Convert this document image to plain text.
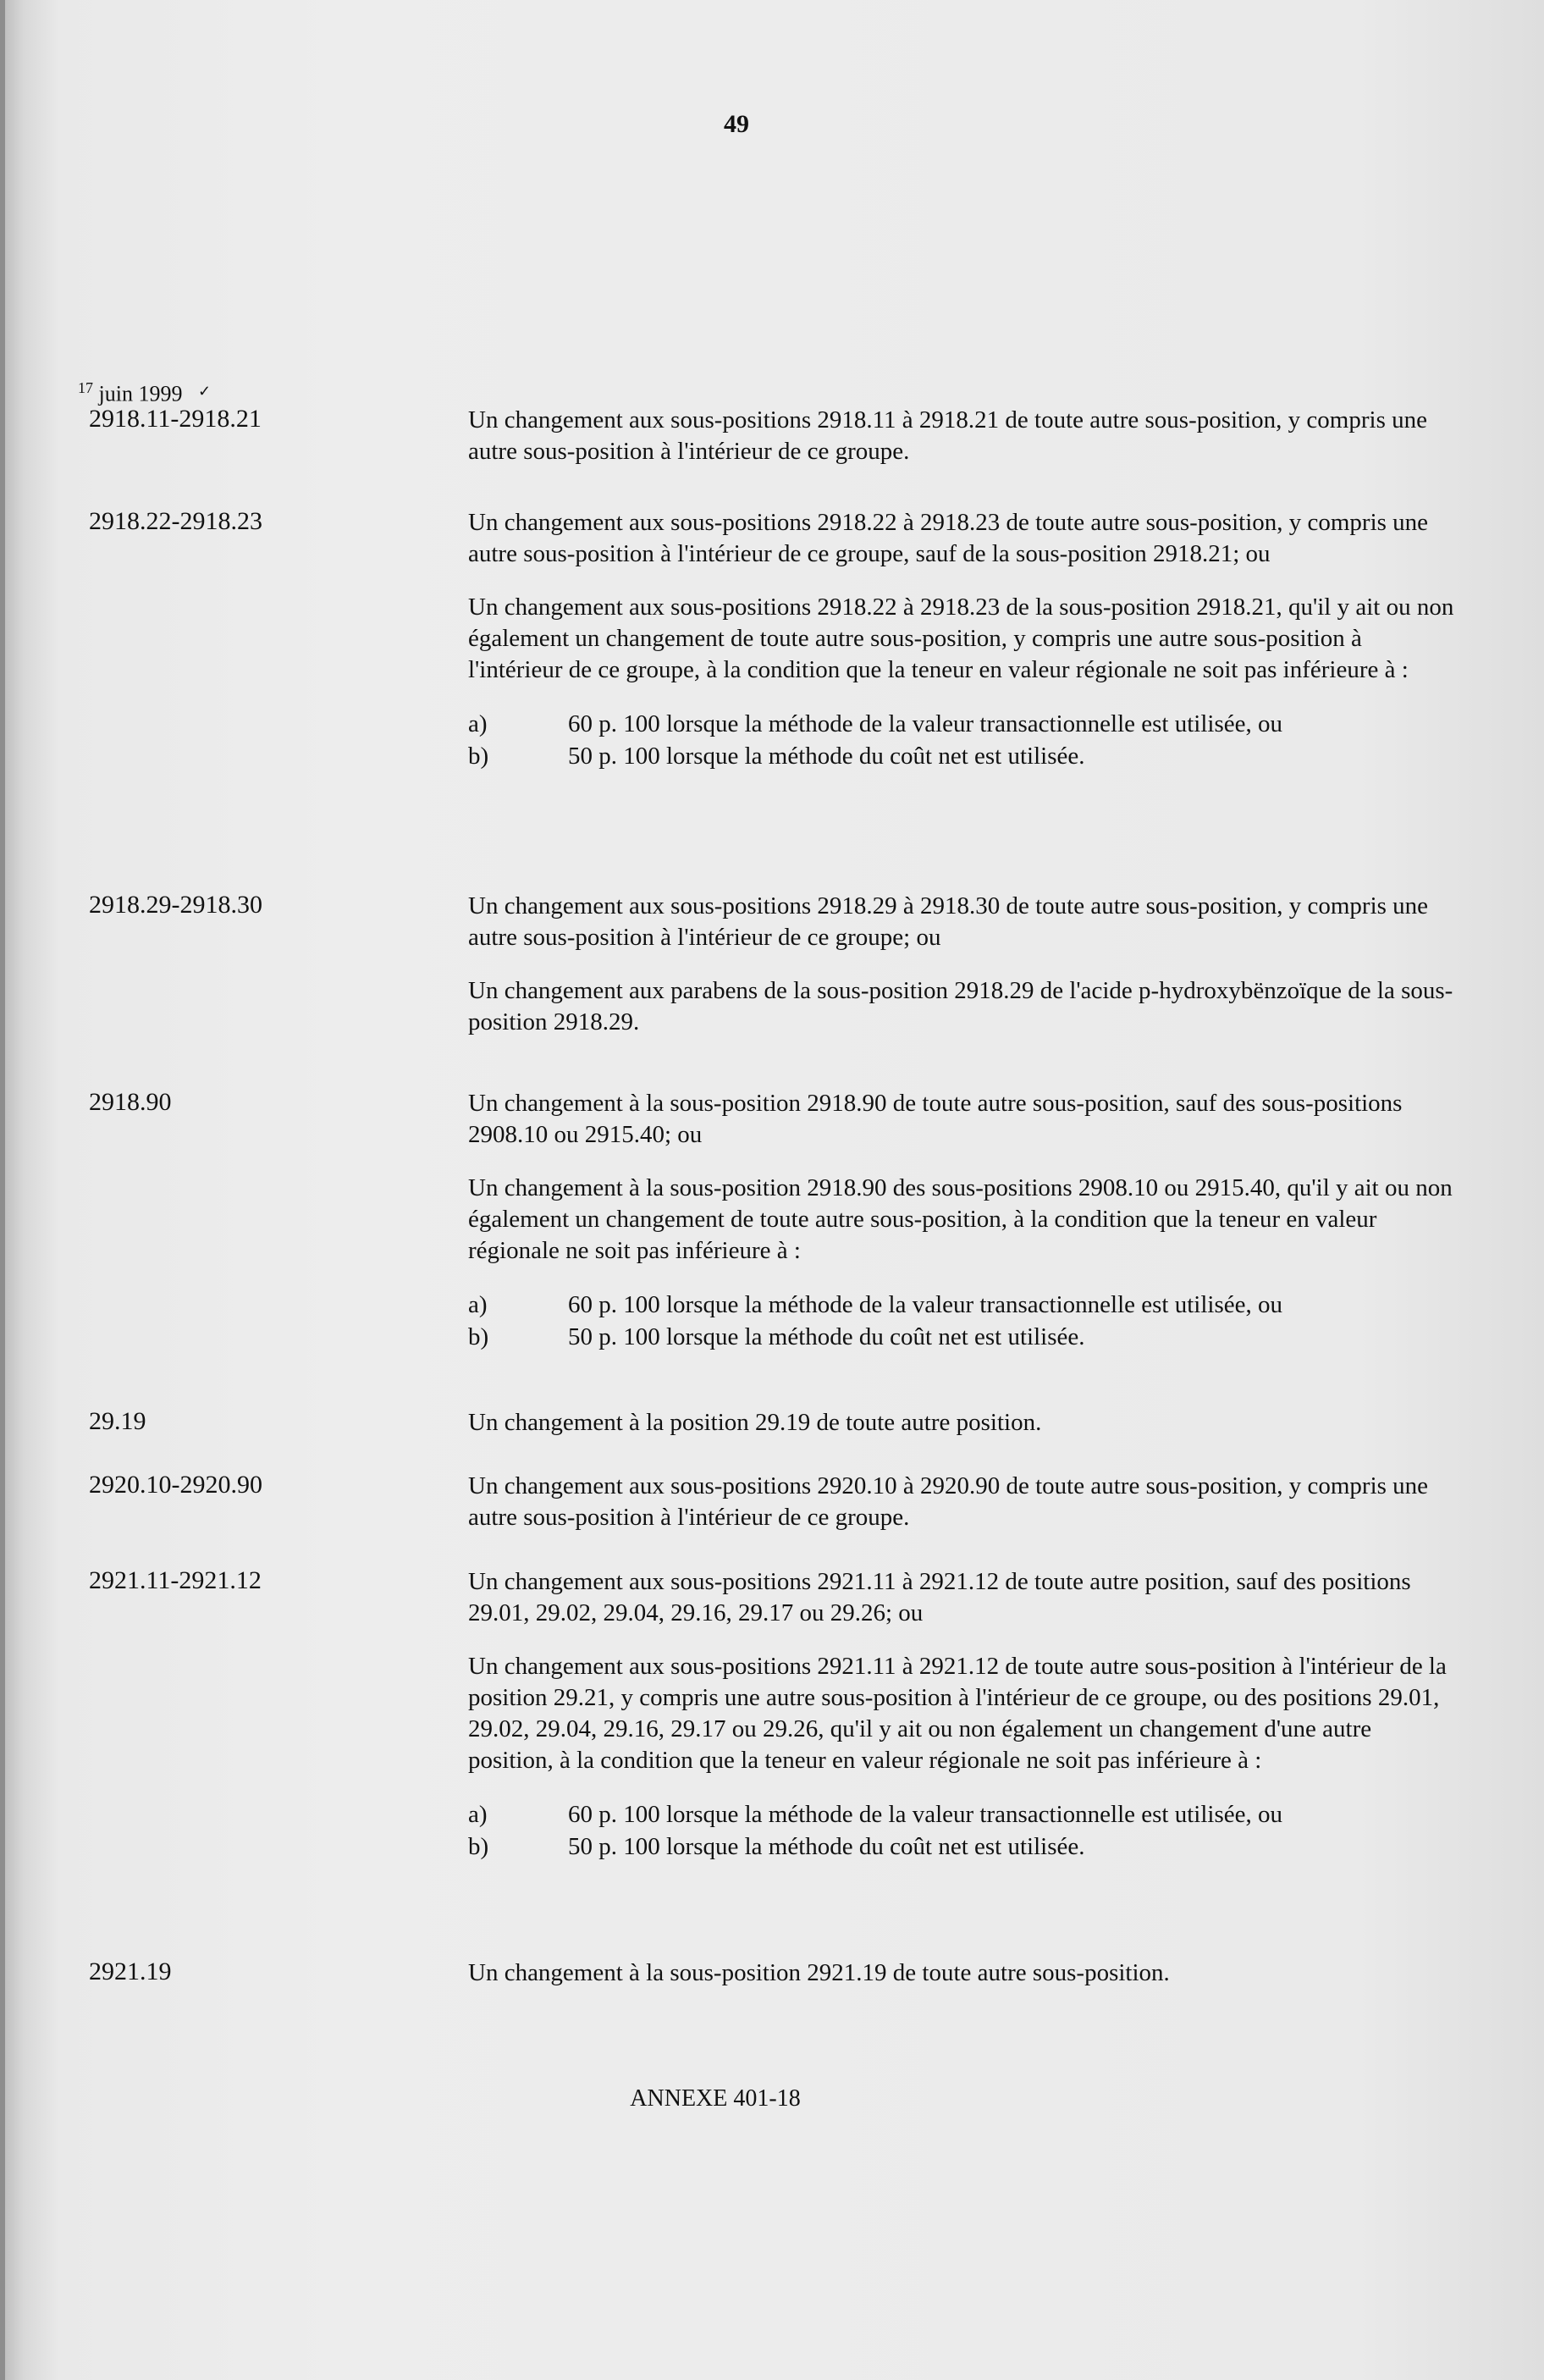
49
$^{17}$ juin 1999 ✓
2918.11-2918.21	Un changement aux sous-positions 2918.11 à 2918.21 de toute autre sous-position, y compris une autre sous-position à l'intérieur de ce groupe.
2918.22-2918.23	Un changement aux sous-positions 2918.22 à 2918.23 de toute autre sous-position, y compris une autre sous-position à l'intérieur de ce groupe, sauf de la sous-position 2918.21; ou
Un changement aux sous-positions 2918.22 à 2918.23 de la sous-position 2918.21, qu'il y ait ou non également un changement de toute autre sous-position, y compris une autre sous-position à l'intérieur de ce groupe, à la condition que la teneur en valeur régionale ne soit pas inférieure à :
a)	60 p. 100 lorsque la méthode de la valeur transactionnelle est utilisée, ou
b)	50 p. 100 lorsque la méthode du coût net est utilisée.
2918.29-2918.30	Un changement aux sous-positions 2918.29 à 2918.30 de toute autre sous-position, y compris une autre sous-position à l'intérieur de ce groupe; ou
Un changement aux parabens de la sous-position 2918.29 de l'acide p-hydroxybënzoïque de la sous-position 2918.29.
2918.90	Un changement à la sous-position 2918.90 de toute autre sous-position, sauf des sous-positions 2908.10 ou 2915.40; ou
Un changement à la sous-position 2918.90 des sous-positions 2908.10 ou 2915.40, qu'il y ait ou non également un changement de toute autre sous-position, à la condition que la teneur en valeur régionale ne soit pas inférieure à :
a)	60 p. 100 lorsque la méthode de la valeur transactionnelle est utilisée, ou
b)	50 p. 100 lorsque la méthode du coût net est utilisée.
29.19	Un changement à la position 29.19 de toute autre position.
2920.10-2920.90	Un changement aux sous-positions 2920.10 à 2920.90 de toute autre sous-position, y compris une autre sous-position à l'intérieur de ce groupe.
2921.11-2921.12	Un changement aux sous-positions 2921.11 à 2921.12 de toute autre position, sauf des positions 29.01, 29.02, 29.04, 29.16, 29.17 ou 29.26; ou
Un changement aux sous-positions 2921.11 à 2921.12 de toute autre sous-position à l'intérieur de la position 29.21, y compris une autre sous-position à l'intérieur de ce groupe, ou des positions 29.01, 29.02, 29.04, 29.16, 29.17 ou 29.26, qu'il y ait ou non également un changement d'une autre position, à la condition que la teneur en valeur régionale ne soit pas inférieure à :
a)	60 p. 100 lorsque la méthode de la valeur transactionnelle est utilisée, ou
b)	50 p. 100 lorsque la méthode du coût net est utilisée.
2921.19	Un changement à la sous-position 2921.19 de toute autre sous-position.
ANNEXE 401-18
